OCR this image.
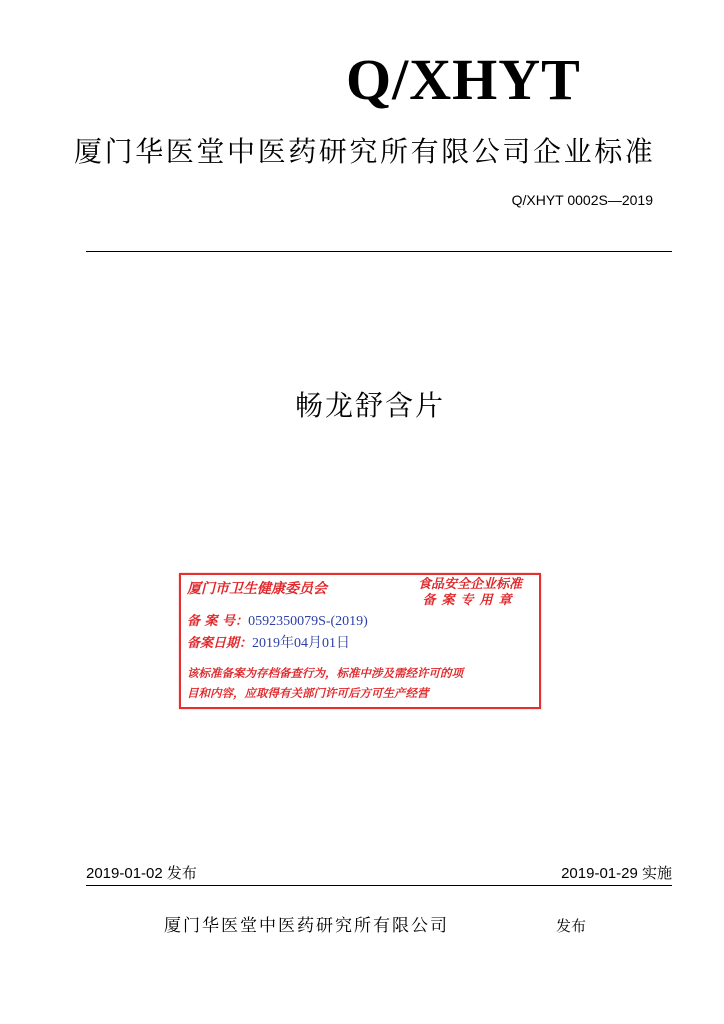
Q/XHYT
厦门华医堂中医药研究所有限公司企业标准
Q/XHYT 0002S—2019
畅龙舒含片
厦门市卫生健康委员会	食品安全企业标准
备案专用章
备 案 号：0592350079S-(2019)
备案日期：2019年04月01日
该标准备案为存档备查行为，标准中涉及需经许可的项
目和内容，应取得有关部门许可后方可生产经营
2019-01-02 发布	2019-01-29 实施
厦门华医堂中医药研究所有限公司	发布
